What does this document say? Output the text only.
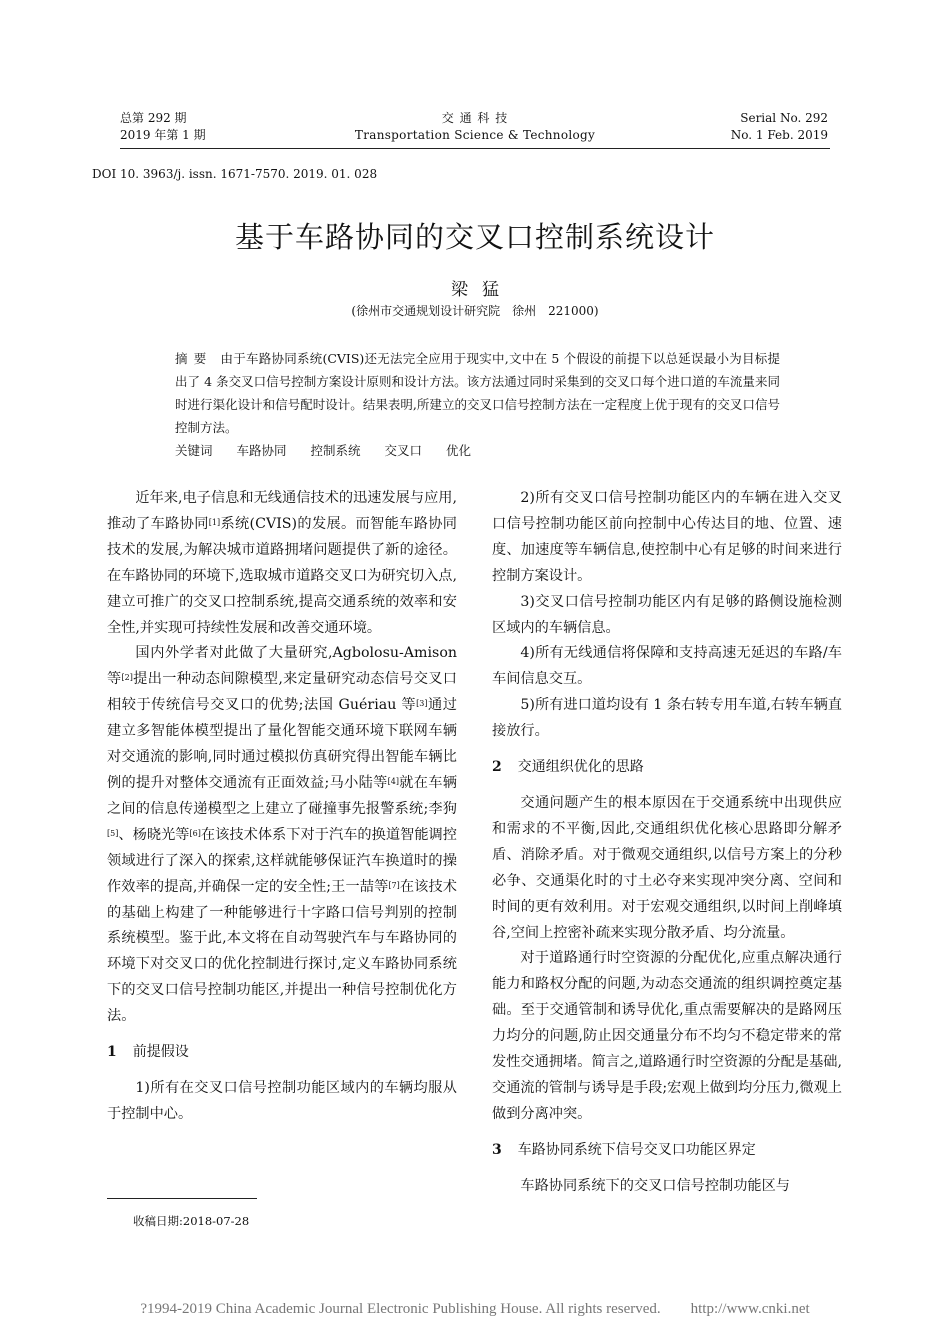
总第 292 期
2019 年第 1 期
交 通 科 技
Transportation Science & Technology
Serial No. 292
No. 1 Feb. 2019
DOI 10. 3963/j. issn. 1671-7570. 2019. 01. 028
基于车路协同的交叉口控制系统设计
梁猛
(徐州市交通规划设计研究院　徐州　221000)
摘要 由于车路协同系统(CVIS)还无法完全应用于现实中,文中在 5 个假设的前提下以总延误最小为目标提出了 4 条交叉口信号控制方案设计原则和设计方法。该方法通过同时采集到的交叉口每个进口道的车流量来同时进行渠化设计和信号配时设计。结果表明,所建立的交叉口信号控制方法在一定程度上优于现有的交叉口信号控制方法。
关键词 车路协同 控制系统 交叉口 优化

近年来,电子信息和无线通信技术的迅速发展与应用,推动了车路协同[1]系统(CVIS)的发展。而智能车路协同技术的发展,为解决城市道路拥堵问题提供了新的途径。在车路协同的环境下,选取城市道路交叉口为研究切入点,建立可推广的交叉口控制系统,提高交通系统的效率和安全性,并实现可持续性发展和改善交通环境。

国内外学者对此做了大量研究,Agbolosu-Amison 等[2]提出一种动态间隙模型,来定量研究动态信号交叉口相较于传统信号交叉口的优势;法国 Guériau 等[3]通过建立多智能体模型提出了量化智能交通环境下联网车辆对交通流的影响,同时通过模拟仿真研究得出智能车辆比例的提升对整体交通流有正面效益;马小陆等[4]就在车辆之间的信息传递模型之上建立了碰撞事先报警系统;李狗[5]、杨晓光等[6]在该技术体系下对于汽车的换道智能调控领域进行了深入的探索,这样就能够保证汽车换道时的操作效率的提高,并确保一定的安全性;王一喆等[7]在该技术的基础上构建了一种能够进行十字路口信号判别的控制系统模型。鉴于此,本文将在自动驾驶汽车与车路协同的环境下对交叉口的优化控制进行探讨,定义车路协同系统下的交叉口信号控制功能区,并提出一种信号控制优化方法。

1 前提假设

1)所有在交叉口信号控制功能区域内的车辆均服从于控制中心。

2)所有交叉口信号控制功能区内的车辆在进入交叉口信号控制功能区前向控制中心传达目的地、位置、速度、加速度等车辆信息,使控制中心有足够的时间来进行控制方案设计。

3)交叉口信号控制功能区内有足够的路侧设施检测区域内的车辆信息。

4)所有无线通信将保障和支持高速无延迟的车路/车车间信息交互。

5)所有进口道均设有 1 条右转专用车道,右转车辆直接放行。

2 交通组织优化的思路

交通问题产生的根本原因在于交通系统中出现供应和需求的不平衡,因此,交通组织优化核心思路即分解矛盾、消除矛盾。对于微观交通组织,以信号方案上的分秒必争、交通渠化时的寸土必夺来实现冲突分离、空间和时间的更有效利用。对于宏观交通组织,以时间上削峰填谷,空间上控密补疏来实现分散矛盾、均分流量。

对于道路通行时空资源的分配优化,应重点解决通行能力和路权分配的问题,为动态交通流的组织调控奠定基础。至于交通管制和诱导优化,重点需要解决的是路网压力均分的问题,防止因交通量分布不均匀不稳定带来的常发性交通拥堵。简言之,道路通行时空资源的分配是基础,交通流的管制与诱导是手段;宏观上做到均分压力,微观上做到分离冲突。

3 车路协同系统下信号交叉口功能区界定

车路协同系统下的交叉口信号控制功能区与

收稿日期:2018-07-28
?1994-2019 China Academic Journal Electronic Publishing House. All rights reserved.　　http://www.cnki.net
